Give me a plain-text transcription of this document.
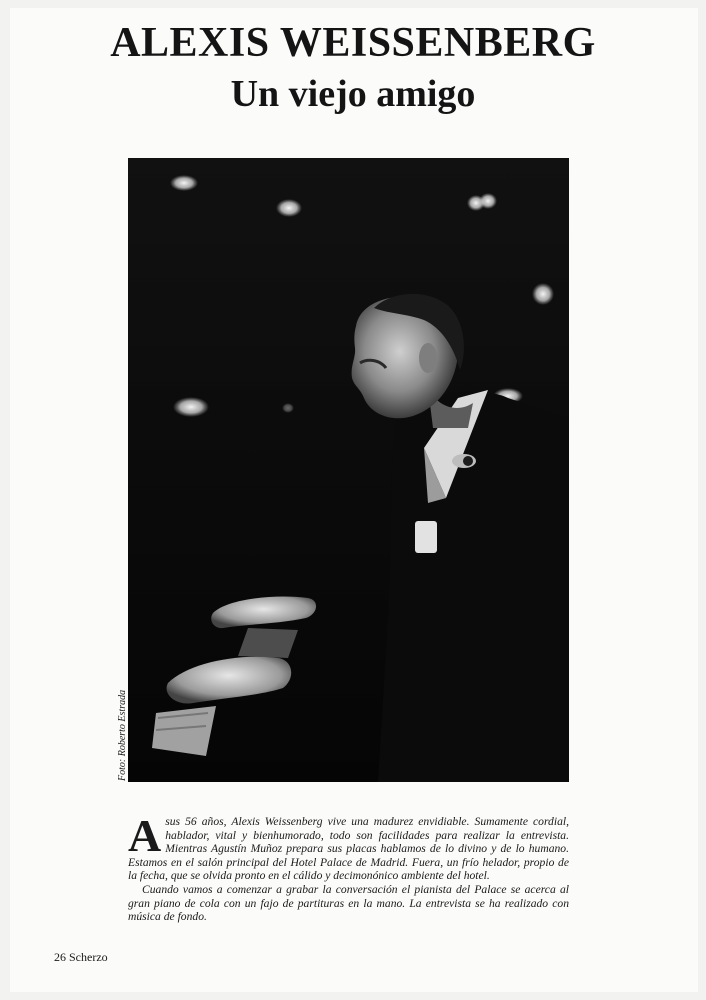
ALEXIS WEISSENBERG
Un viejo amigo
Foto: Roberto Estrada

A sus 56 años, Alexis Weissenberg vive una madurez envidiable. Sumamente cordial, hablador, vital y bienhumorado, todo son facilidades para realizar la entrevista. Mientras Agustín Muñoz prepara sus placas hablamos de lo divino y de lo humano. Estamos en el salón principal del Hotel Palace de Madrid. Fuera, un frío helador, propio de la fecha, que se olvida pronto en el cálido y decimonónico ambiente del hotel.

Cuando vamos a comenzar a grabar la conversación el pianista del Palace se acerca al gran piano de cola con un fajo de partituras en la mano. La entrevista se ha realizado con música de fondo.

26 Scherzo
